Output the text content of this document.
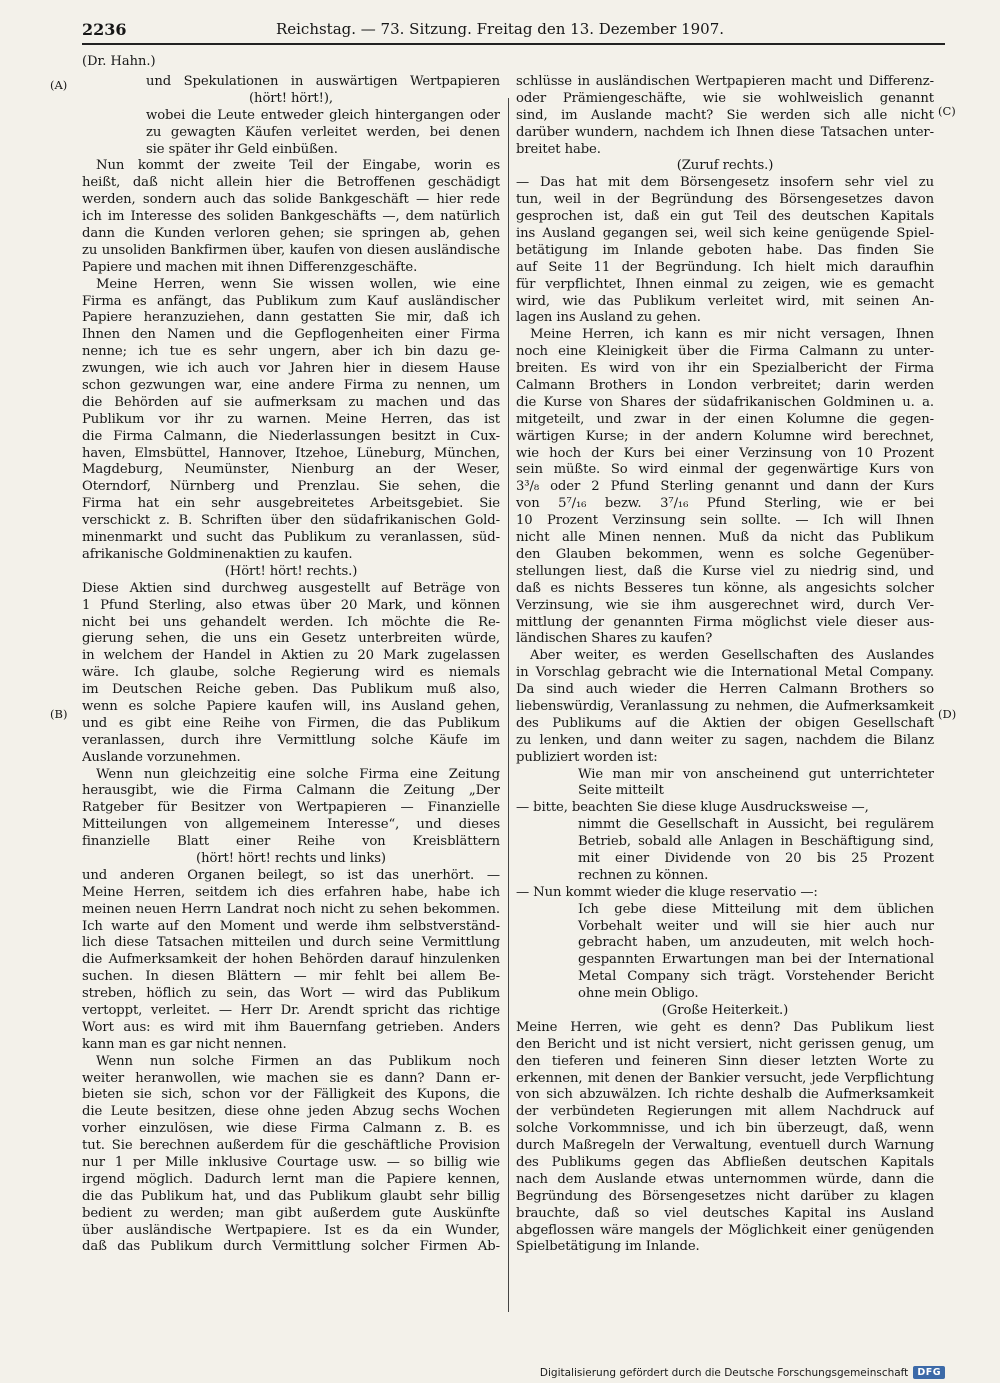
2236	Reichstag. — 73. Sitzung. Freitag den 13. Dezember 1907.
(Dr. Hahn.)
(A)
(B)
(C)
(D)
und Spekulationen in auswärtigen Wertpapieren
(hört! hört!),
wobei die Leute entweder gleich hintergangen oder
zu gewagten Käufen verleitet werden, bei denen
sie später ihr Geld einbüßen.
Nun kommt der zweite Teil der Eingabe, worin es
heißt, daß nicht allein hier die Betroffenen geschädigt
werden, sondern auch das solide Bankgeschäft — hier rede
ich im Interesse des soliden Bankgeschäfts —, dem natürlich
dann die Kunden verloren gehen; sie springen ab, gehen
zu unsoliden Bankfirmen über, kaufen von diesen ausländische
Papiere und machen mit ihnen Differenzgeschäfte.
Meine Herren, wenn Sie wissen wollen, wie eine
Firma es anfängt, das Publikum zum Kauf ausländischer
Papiere heranzuziehen, dann gestatten Sie mir, daß ich
Ihnen den Namen und die Gepflogenheiten einer Firma
nenne; ich tue es sehr ungern, aber ich bin dazu ge-
zwungen, wie ich auch vor Jahren hier in diesem Hause
schon gezwungen war, eine andere Firma zu nennen, um
die Behörden auf sie aufmerksam zu machen und das
Publikum vor ihr zu warnen. Meine Herren, das ist
die Firma Calmann, die Niederlassungen besitzt in Cux-
haven, Elmsbüttel, Hannover, Itzehoe, Lüneburg, München,
Magdeburg, Neumünster, Nienburg an der Weser,
Oterndorf, Nürnberg und Prenzlau. Sie sehen, die
Firma hat ein sehr ausgebreitetes Arbeitsgebiet. Sie
verschickt z. B. Schriften über den südafrikanischen Gold-
minenmarkt und sucht das Publikum zu veranlassen, süd-
afrikanische Goldminenaktien zu kaufen.
(Hört! hört! rechts.)
Diese Aktien sind durchweg ausgestellt auf Beträge von
1 Pfund Sterling, also etwas über 20 Mark, und können
nicht bei uns gehandelt werden. Ich möchte die Re-
gierung sehen, die uns ein Gesetz unterbreiten würde,
in welchem der Handel in Aktien zu 20 Mark zugelassen
wäre. Ich glaube, solche Regierung wird es niemals
im Deutschen Reiche geben. Das Publikum muß also,
wenn es solche Papiere kaufen will, ins Ausland gehen,
und es gibt eine Reihe von Firmen, die das Publikum
veranlassen, durch ihre Vermittlung solche Käufe im
Auslande vorzunehmen.
Wenn nun gleichzeitig eine solche Firma eine Zeitung
herausgibt, wie die Firma Calmann die Zeitung „Der
Ratgeber für Besitzer von Wertpapieren — Finanzielle
Mitteilungen von allgemeinem Interesse“, und dieses
finanzielle Blatt einer Reihe von Kreisblättern
(hört! hört! rechts und links)
und anderen Organen beilegt, so ist das unerhört. —
Meine Herren, seitdem ich dies erfahren habe, habe ich
meinen neuen Herrn Landrat noch nicht zu sehen bekommen.
Ich warte auf den Moment und werde ihm selbstverständ-
lich diese Tatsachen mitteilen und durch seine Vermittlung
die Aufmerksamkeit der hohen Behörden darauf hinzulenken
suchen. In diesen Blättern — mir fehlt bei allem Be-
streben, höflich zu sein, das Wort — wird das Publikum
vertoppt, verleitet. — Herr Dr. Arendt spricht das richtige
Wort aus: es wird mit ihm Bauernfang getrieben. Anders
kann man es gar nicht nennen.
Wenn nun solche Firmen an das Publikum noch
weiter heranwollen, wie machen sie es dann? Dann er-
bieten sie sich, schon vor der Fälligkeit des Kupons, die
die Leute besitzen, diese ohne jeden Abzug sechs Wochen
vorher einzulösen, wie diese Firma Calmann z. B. es
tut. Sie berechnen außerdem für die geschäftliche Provision
nur 1 per Mille inklusive Courtage usw. — so billig wie
irgend möglich. Dadurch lernt man die Papiere kennen,
die das Publikum hat, und das Publikum glaubt sehr billig
bedient zu werden; man gibt außerdem gute Auskünfte
über ausländische Wertpapiere. Ist es da ein Wunder,
daß das Publikum durch Vermittlung solcher Firmen Ab-
schlüsse in ausländischen Wertpapieren macht und Differenz-
oder Prämiengeschäfte, wie sie wohlweislich genannt
sind, im Auslande macht? Sie werden sich alle nicht
darüber wundern, nachdem ich Ihnen diese Tatsachen unter-
breitet habe.
(Zuruf rechts.)
— Das hat mit dem Börsengesetz insofern sehr viel zu
tun, weil in der Begründung des Börsengesetzes davon
gesprochen ist, daß ein gut Teil des deutschen Kapitals
ins Ausland gegangen sei, weil sich keine genügende Spiel-
betätigung im Inlande geboten habe. Das finden Sie
auf Seite 11 der Begründung. Ich hielt mich daraufhin
für verpflichtet, Ihnen einmal zu zeigen, wie es gemacht
wird, wie das Publikum verleitet wird, mit seinen An-
lagen ins Ausland zu gehen.
Meine Herren, ich kann es mir nicht versagen, Ihnen
noch eine Kleinigkeit über die Firma Calmann zu unter-
breiten. Es wird von ihr ein Spezialbericht der Firma
Calmann Brothers in London verbreitet; darin werden
die Kurse von Shares der südafrikanischen Goldminen u. a.
mitgeteilt, und zwar in der einen Kolumne die gegen-
wärtigen Kurse; in der andern Kolumne wird berechnet,
wie hoch der Kurs bei einer Verzinsung von 10 Prozent
sein müßte. So wird einmal der gegenwärtige Kurs von
3³/₈ oder 2 Pfund Sterling genannt und dann der Kurs
von 5⁷/₁₆ bezw. 3⁷/₁₆ Pfund Sterling, wie er bei
10 Prozent Verzinsung sein sollte. — Ich will Ihnen
nicht alle Minen nennen. Muß da nicht das Publikum
den Glauben bekommen, wenn es solche Gegenüber-
stellungen liest, daß die Kurse viel zu niedrig sind, und
daß es nichts Besseres tun könne, als angesichts solcher
Verzinsung, wie sie ihm ausgerechnet wird, durch Ver-
mittlung der genannten Firma möglichst viele dieser aus-
ländischen Shares zu kaufen?
Aber weiter, es werden Gesellschaften des Auslandes
in Vorschlag gebracht wie die International Metal Company.
Da sind auch wieder die Herren Calmann Brothers so
liebenswürdig, Veranlassung zu nehmen, die Aufmerksamkeit
des Publikums auf die Aktien der obigen Gesellschaft
zu lenken, und dann weiter zu sagen, nachdem die Bilanz
publiziert worden ist:
Wie man mir von anscheinend gut unterrichteter
Seite mitteilt
— bitte, beachten Sie diese kluge Ausdrucksweise —,
nimmt die Gesellschaft in Aussicht, bei regulärem
Betrieb, sobald alle Anlagen in Beschäftigung sind,
mit einer Dividende von 20 bis 25 Prozent
rechnen zu können.
— Nun kommt wieder die kluge reservatio —:
Ich gebe diese Mitteilung mit dem üblichen
Vorbehalt weiter und will sie hier auch nur
gebracht haben, um anzudeuten, mit welch hoch-
gespannten Erwartungen man bei der International
Metal Company sich trägt. Vorstehender Bericht
ohne mein Obligo.
(Große Heiterkeit.)
Meine Herren, wie geht es denn? Das Publikum liest
den Bericht und ist nicht versiert, nicht gerissen genug, um
den tieferen und feineren Sinn dieser letzten Worte zu
erkennen, mit denen der Bankier versucht, jede Verpflichtung
von sich abzuwälzen. Ich richte deshalb die Aufmerksamkeit
der verbündeten Regierungen mit allem Nachdruck auf
solche Vorkommnisse, und ich bin überzeugt, daß, wenn
durch Maßregeln der Verwaltung, eventuell durch Warnung
des Publikums gegen das Abfließen deutschen Kapitals
nach dem Auslande etwas unternommen würde, dann die
Begründung des Börsengesetzes nicht darüber zu klagen
brauchte, daß so viel deutsches Kapital ins Ausland
abgeflossen wäre mangels der Möglichkeit einer genügenden
Spielbetätigung im Inlande.
Digitalisierung gefördert durch die Deutsche Forschungsgemeinschaft DFG
